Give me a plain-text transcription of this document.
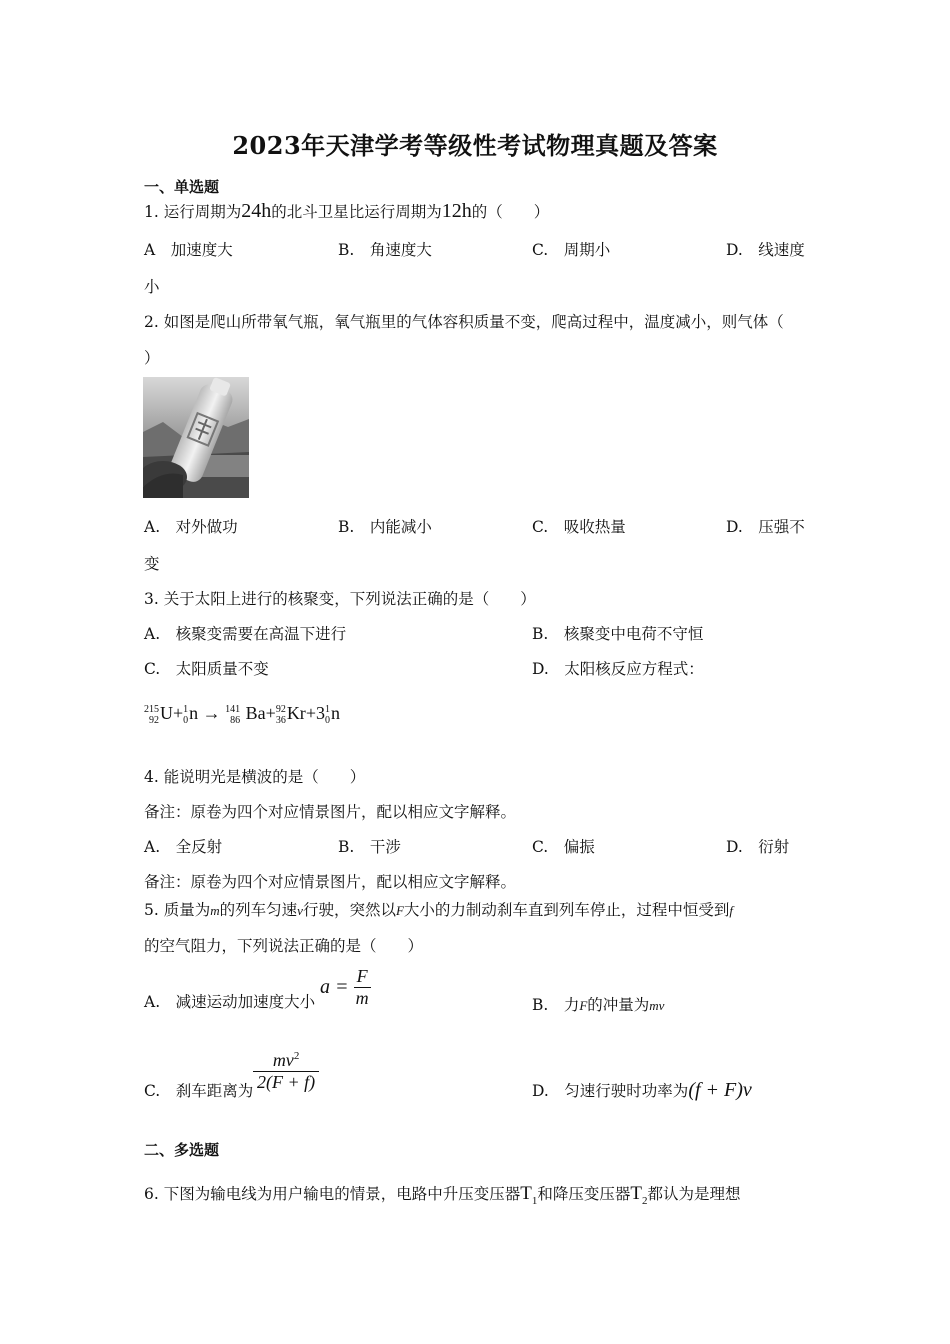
2023年天津学考等级性考试物理真题及答案
一、单选题
1. 运行周期为24h的北斗卫星比运行周期为12h的（　　）
A　加速度大	B.　角速度大	C.　周期小	D.　线速度
小
2. 如图是爬山所带氧气瓶，氧气瓶里的气体容积质量不变，爬高过程中，温度减小，则气体（
）
A.　对外做功	B.　内能减小	C.　吸收热量	D.　压强不
变
3. 关于太阳上进行的核聚变，下列说法正确的是（　　）
A.　核聚变需要在高温下进行	B.　核聚变中电荷不守恒
C.　太阳质量不变	D.　太阳核反应方程式：
215
92 U+ 1
0 n → 141
86 Ba+ 92
36 Kr+3 1
0 n
4. 能说明光是横波的是（　　）
备注：原卷为四个对应情景图片，配以相应文字解释。
A.　全反射	B.　干涉	C.　偏振	D.　衍射
备注：原卷为四个对应情景图片，配以相应文字解释。
5. 质量为m的列车匀速v行驶，突然以F大小的力制动刹车直到列车停止，过程中恒受到f
的空气阻力，下列说法正确的是（　　）
A.　减速运动加速度大小
$a = \frac{F}{m}$	B.　力F的冲量为mv
C.　刹车距离为 $\frac{mv^2}{2(F + f)}$	D.　匀速行驶时功率为(f + F)v
二、多选题
6. 下图为输电线为用户输电的情景，电路中升压变压器$T_1$和降压变压器$T_2$都认为是理想
